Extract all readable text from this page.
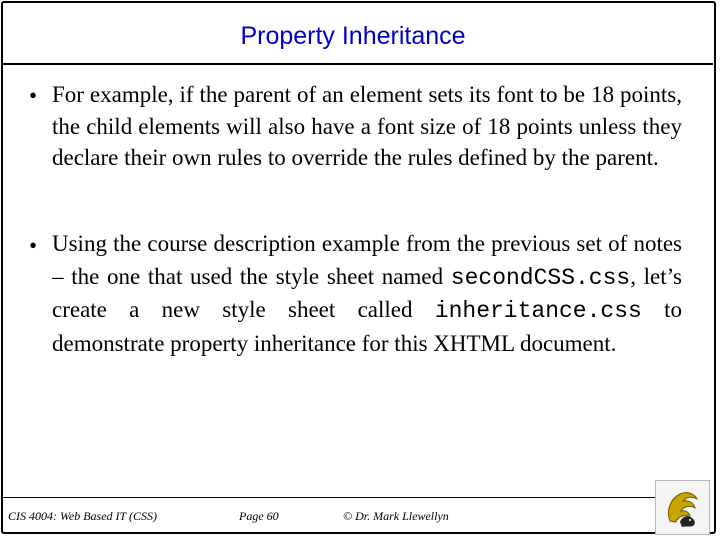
Property Inheritance
• For example, if the parent of an element sets its font to be 18 points, the child elements will also have a font size of 18 points unless they declare their own rules to override the rules defined by the parent.
• Using the course description example from the previous set of notes – the one that used the style sheet named secondCSS.css, let’s create a new style sheet called inheritance.css to demonstrate property inheritance for this XHTML document.
CIS 4004: Web Based IT (CSS)	Page 60	© Dr. Mark Llewellyn
